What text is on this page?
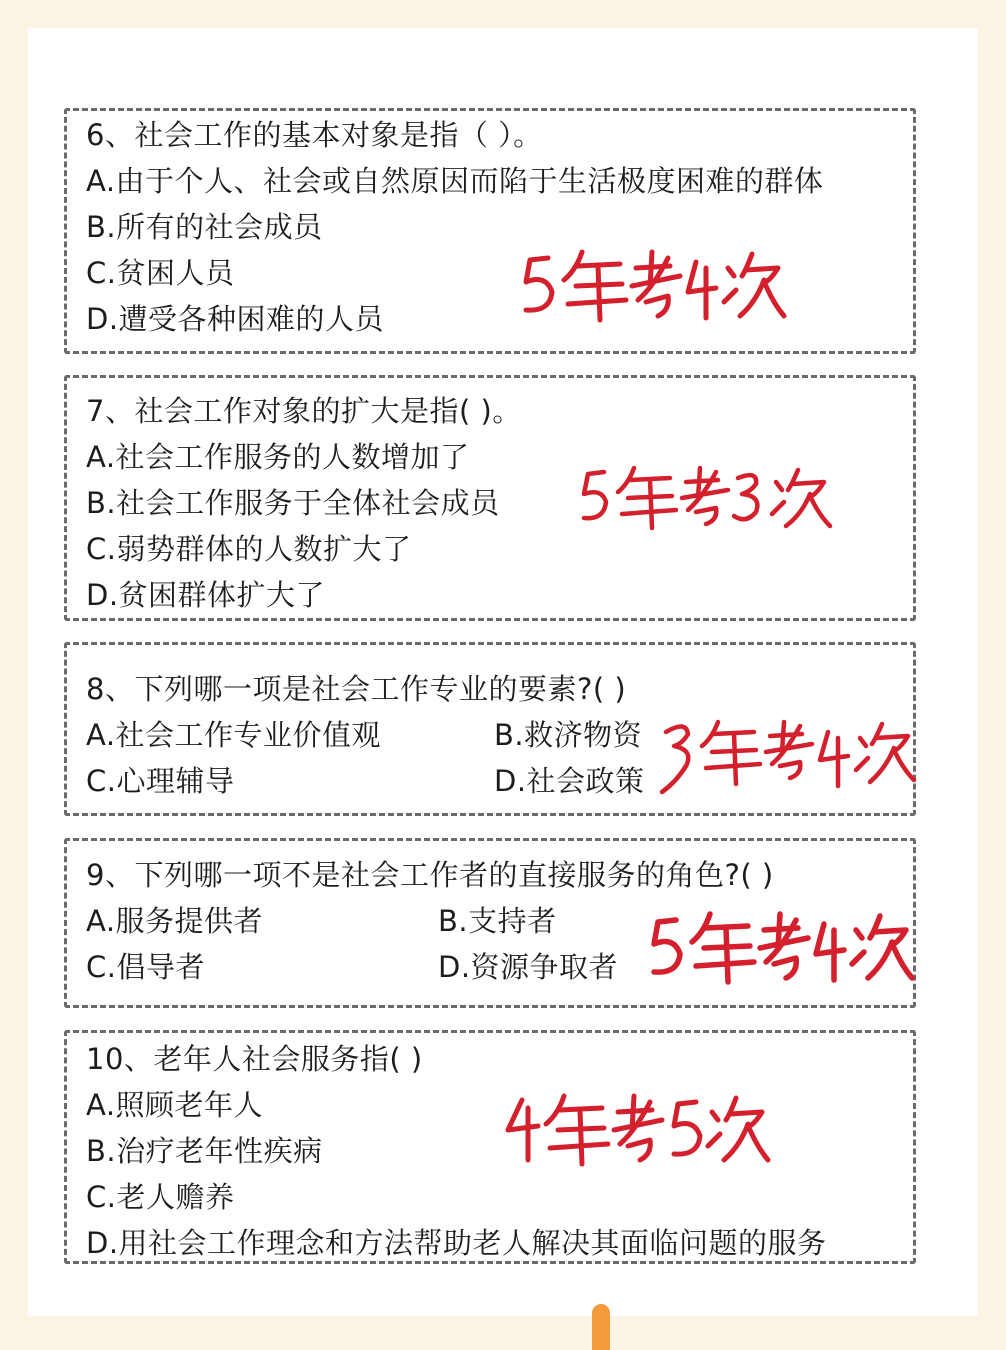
6、社会工作的基本对象是指（ ）。
A.由于个人、社会或自然原因而陷于生活极度困难的群体
B.所有的社会成员
C.贫困人员
D.遭受各种困难的人员
7、社会工作对象的扩大是指( )。
A.社会工作服务的人数增加了
B.社会工作服务于全体社会成员
C.弱势群体的人数扩大了
D.贫困群体扩大了
8、下列哪一项是社会工作专业的要素?( )
A.社会工作专业价值观	B.救济物资
C.心理辅导	D.社会政策
9、下列哪一项不是社会工作者的直接服务的角色?( )
A.服务提供者	B.支持者
C.倡导者	D.资源争取者
10、老年人社会服务指( )
A.照顾老年人
B.治疗老年性疾病
C.老人赡养
D.用社会工作理念和方法帮助老人解决其面临问题的服务
